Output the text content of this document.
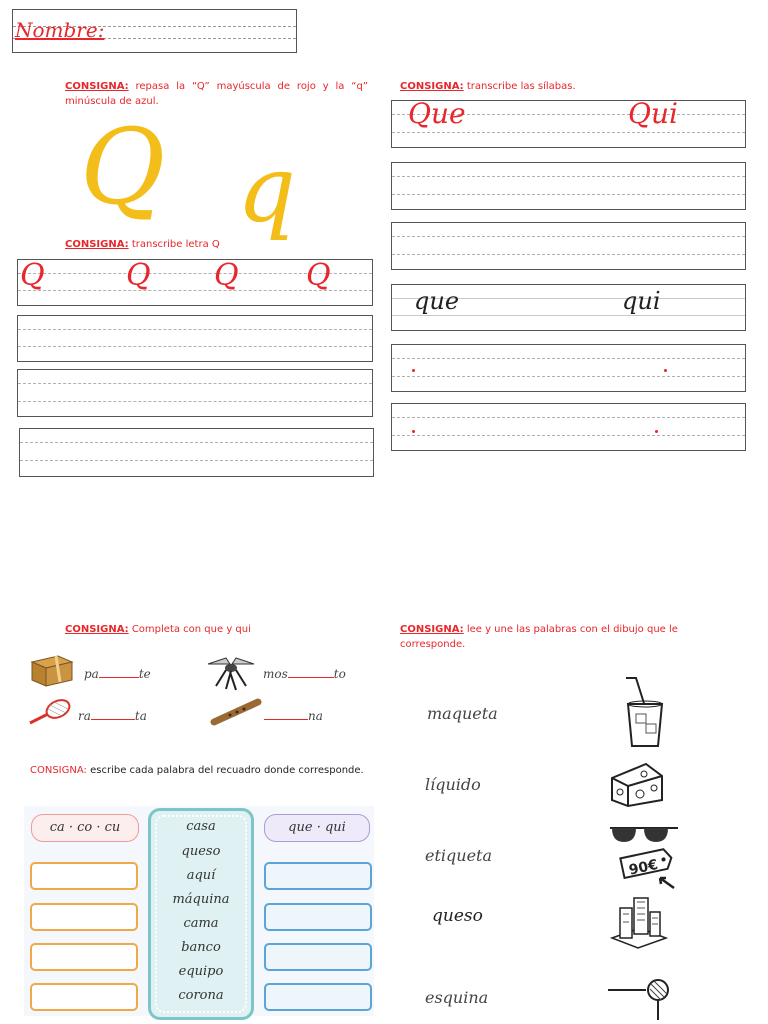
Nombre:
CONSIGNA: repasa la “Q” mayúscula de rojo y la “q” minúscula de azul.
Q q
CONSIGNA: transcribe letra Q
Q	Q Q Q
CONSIGNA: transcribe las sílabas.
Que	Qui
que	qui
CONSIGNA: Completa con que y qui
pa	te	mos	to
ra	ta	na
CONSIGNA: escribe cada palabra del recuadro donde corresponde.
ca · co · cu	casa
queso
aquí
máquina
cama
banco
equipo
corona
que · qui
CONSIGNA: lee y une las palabras con el dibujo que le corresponde.
maqueta
líquido
etiqueta
queso
esquina
90€
